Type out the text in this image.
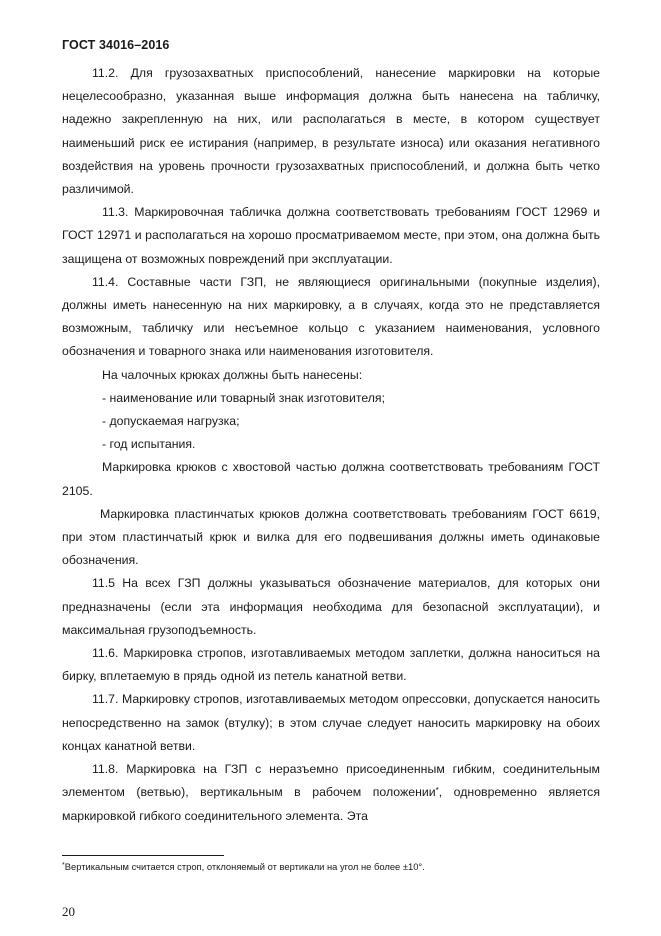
ГОСТ 34016–2016

11.2. Для грузозахватных приспособлений, нанесение маркировки на которые нецелесообразно, указанная выше информация должна быть нанесена на табличку, надежно закрепленную на них, или располагаться в месте, в котором существует наименьший риск ее истирания (например, в результате износа) или оказания негативного воздействия на уровень прочности грузозахватных приспособлений, и должна быть четко различимой.

11.3. Маркировочная табличка должна соответствовать требованиям ГОСТ 12969 и ГОСТ 12971 и располагаться на хорошо просматриваемом месте, при этом, она должна быть защищена от возможных повреждений при эксплуатации.

11.4. Составные части ГЗП, не являющиеся оригинальными (покупные изделия), должны иметь нанесенную на них маркировку, а в случаях, когда это не представляется возможным, табличку или несъемное кольцо с указанием наименования, условного обозначения и товарного знака или наименования изготовителя.

На чалочных крюках должны быть нанесены:

- наименование или товарный знак изготовителя;

- допускаемая нагрузка;

- год испытания.

Маркировка крюков с хвостовой частью должна соответствовать требованиям ГОСТ 2105.

Маркировка пластинчатых крюков должна соответствовать требованиям ГОСТ 6619, при этом пластинчатый крюк и вилка для его подвешивания должны иметь одинаковые обозначения.

11.5 На всех ГЗП должны указываться обозначение материалов, для которых они предназначены (если эта информация необходима для безопасной эксплуатации), и максимальная грузоподъемность.

11.6. Маркировка стропов, изготавливаемых методом заплетки, должна наноситься на бирку, вплетаемую в прядь одной из петель канатной ветви.

11.7. Маркировку стропов, изготавливаемых методом опрессовки, допускается наносить непосредственно на замок (втулку); в этом случае следует наносить маркировку на обоих концах канатной ветви.

11.8. Маркировка на ГЗП с неразъемно присоединенным гибким, соединительным элементом (ветвью), вертикальным в рабочем положении*, одновременно является маркировкой гибкого соединительного элемента. Эта

*Вертикальным считается строп, отклоняемый от вертикали на угол не более ±10°.
20
